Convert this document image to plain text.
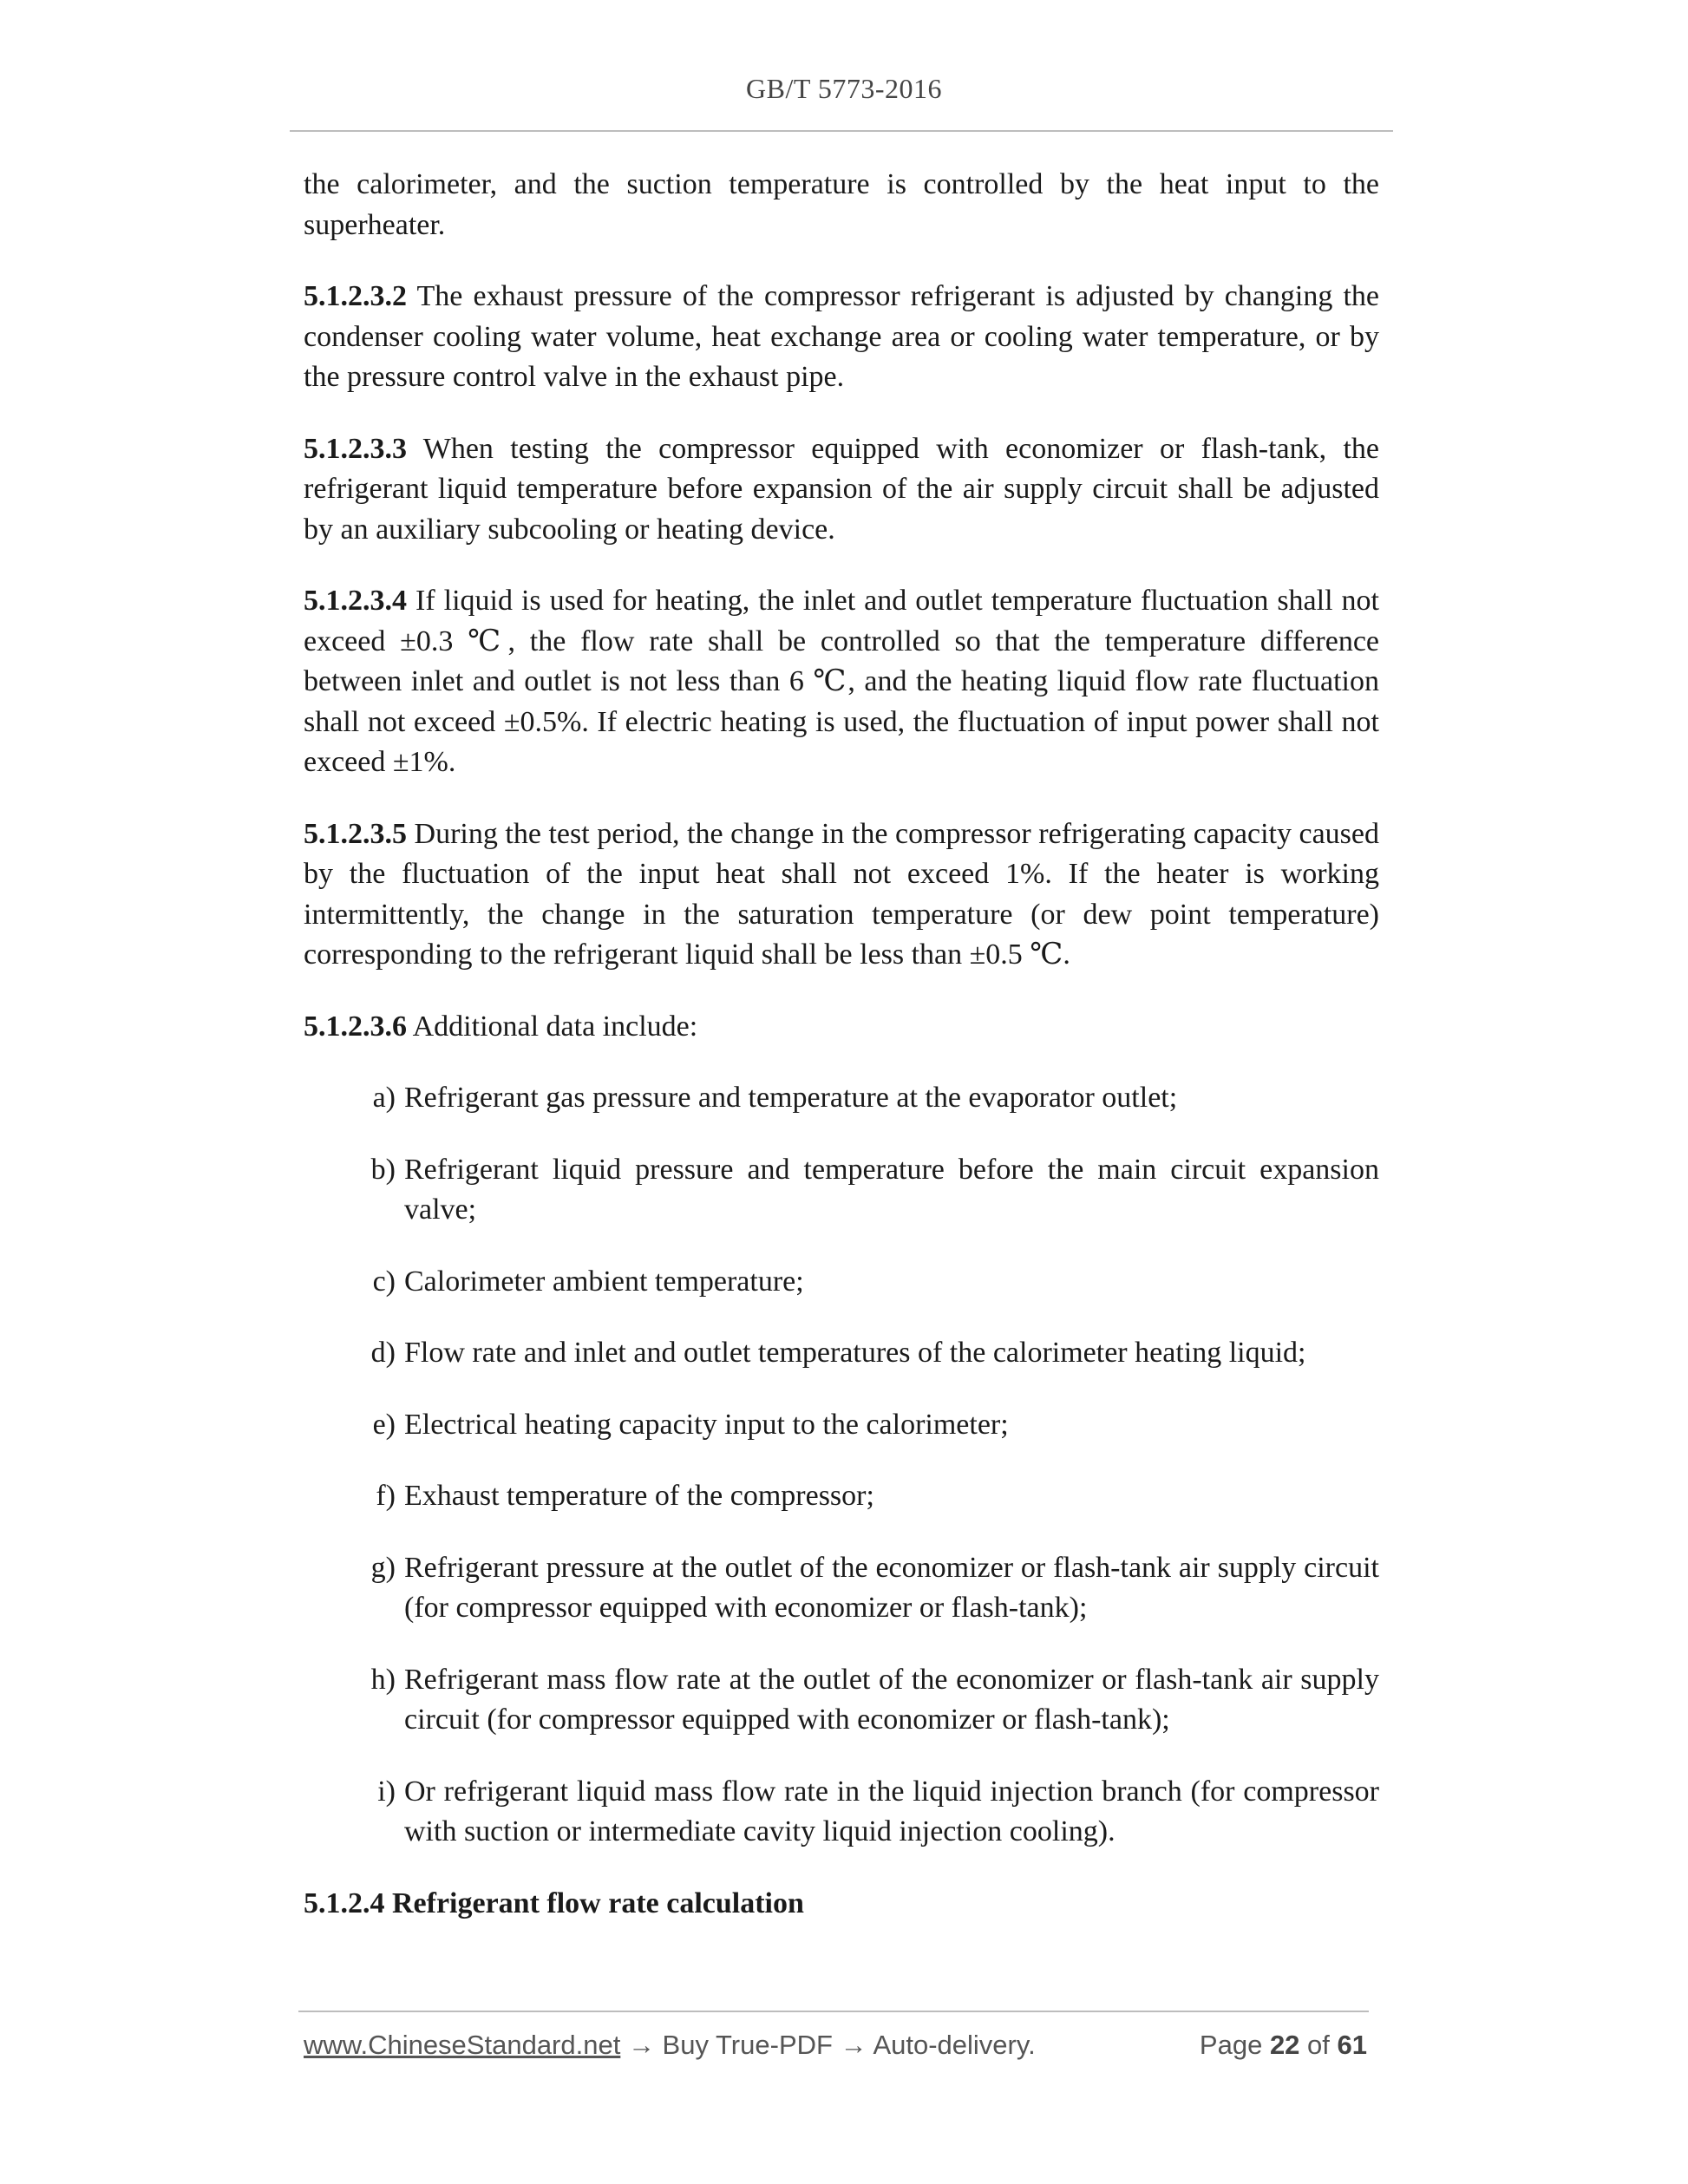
GB/T 5773-2016

the calorimeter, and the suction temperature is controlled by the heat input to the superheater.

5.1.2.3.2 The exhaust pressure of the compressor refrigerant is adjusted by changing the condenser cooling water volume, heat exchange area or cooling water temperature, or by the pressure control valve in the exhaust pipe.

5.1.2.3.3 When testing the compressor equipped with economizer or flash-tank, the refrigerant liquid temperature before expansion of the air supply circuit shall be adjusted by an auxiliary subcooling or heating device.

5.1.2.3.4 If liquid is used for heating, the inlet and outlet temperature fluctuation shall not exceed ±0.3 ℃, the flow rate shall be controlled so that the temperature difference between inlet and outlet is not less than 6 ℃, and the heating liquid flow rate fluctuation shall not exceed ±0.5%. If electric heating is used, the fluctuation of input power shall not exceed ±1%.

5.1.2.3.5 During the test period, the change in the compressor refrigerating capacity caused by the fluctuation of the input heat shall not exceed 1%. If the heater is working intermittently, the change in the saturation temperature (or dew point temperature) corresponding to the refrigerant liquid shall be less than ±0.5 ℃.

5.1.2.3.6 Additional data include:

a) Refrigerant gas pressure and temperature at the evaporator outlet;
b) Refrigerant liquid pressure and temperature before the main circuit expansion valve;
c) Calorimeter ambient temperature;
d) Flow rate and inlet and outlet temperatures of the calorimeter heating liquid;
e) Electrical heating capacity input to the calorimeter;
f) Exhaust temperature of the compressor;
g) Refrigerant pressure at the outlet of the economizer or flash-tank air supply circuit (for compressor equipped with economizer or flash-tank);
h) Refrigerant mass flow rate at the outlet of the economizer or flash-tank air supply circuit (for compressor equipped with economizer or flash-tank);
i) Or refrigerant liquid mass flow rate in the liquid injection branch (for compressor with suction or intermediate cavity liquid injection cooling).

5.1.2.4 Refrigerant flow rate calculation

www.ChineseStandard.net → Buy True-PDF → Auto-delivery.	Page 22 of 61
